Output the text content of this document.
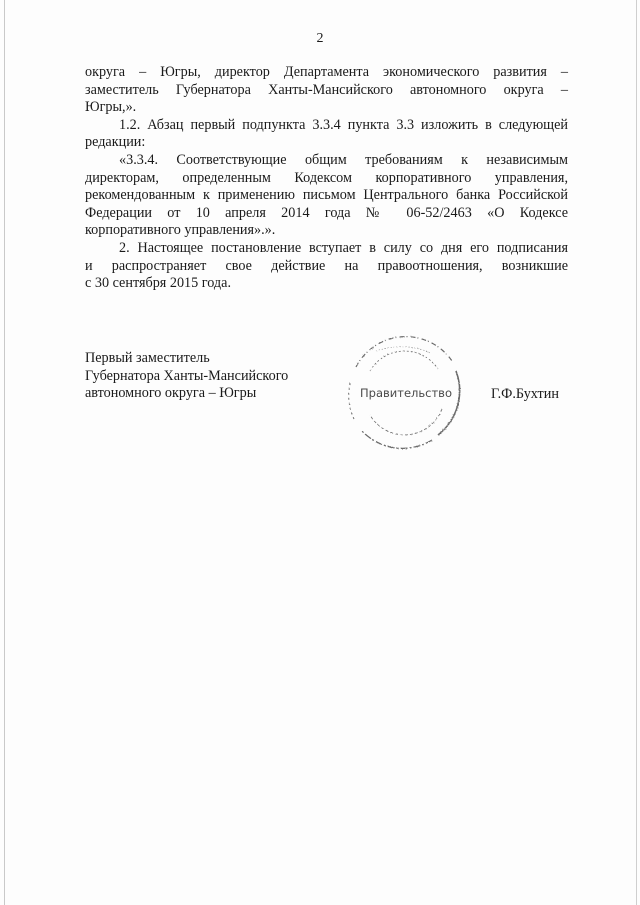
2

округа – Югры, директор Департамента экономического развития –

заместитель Губернатора Ханты-Мансийского автономного округа –

Югры,».

1.2. Абзац первый подпункта 3.3.4 пункта 3.3 изложить в следующей

редакции:

«3.3.4. Соответствующие общим требованиям к независимым

директорам, определенным Кодексом корпоративного управления,

рекомендованным к применению письмом Центрального банка Российской

Федерации от 10 апреля 2014 года № 06-52/2463 «О Кодексе

корпоративного управления».».

2. Настоящее постановление вступает в силу со дня его подписания

и распространяет свое действие на правоотношения, возникшие

с 30 сентября 2015 года.

Первый заместитель
Губернатора Ханты-Мансийского
автономного округа – Югры	Правительство	Г.Ф.Бухтин
